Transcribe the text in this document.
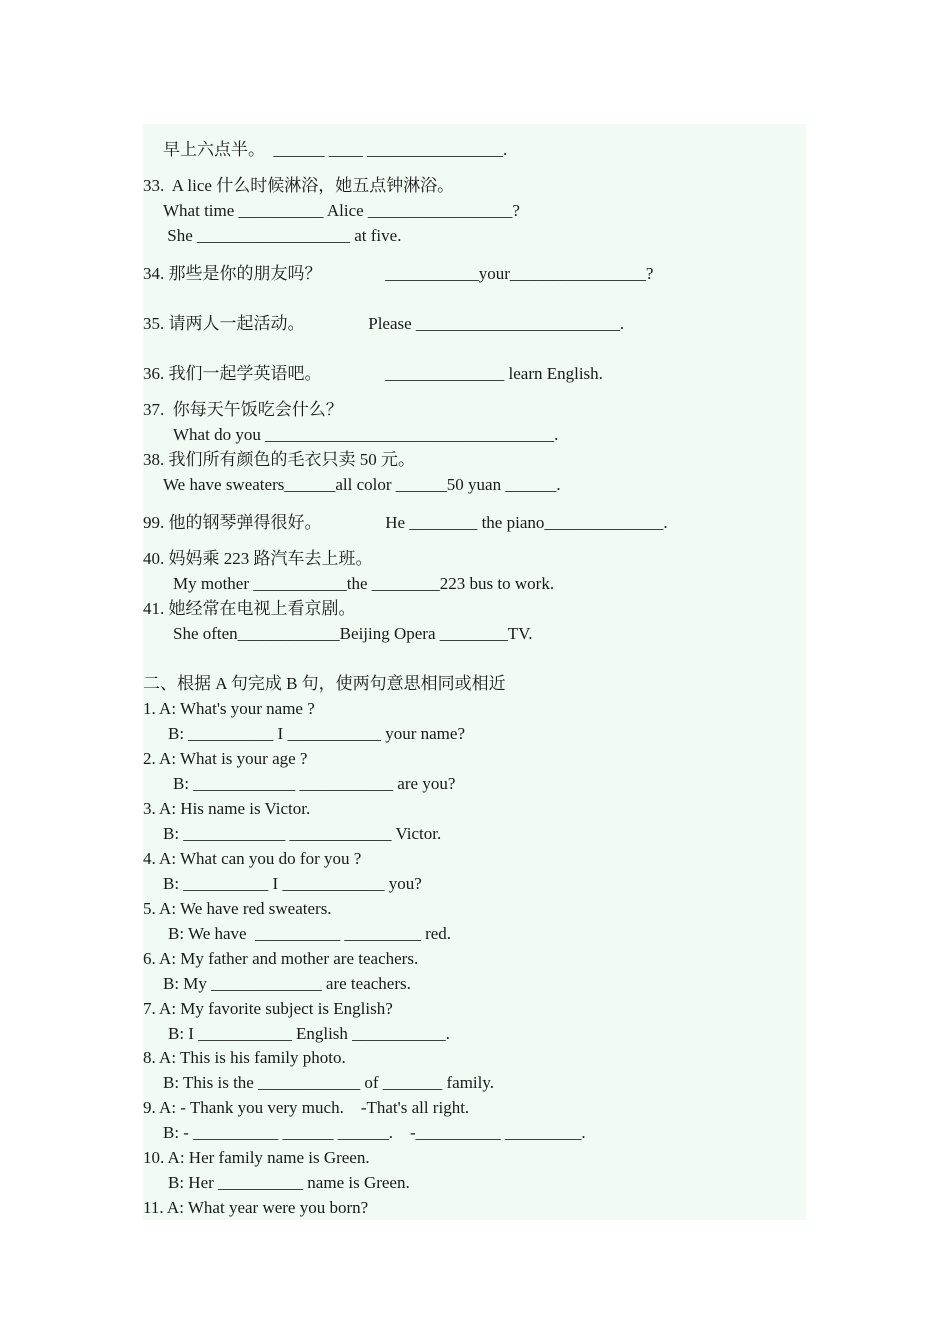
早上六点半。  ______ ____ ________________.
33.  A lice 什么时候淋浴，她五点钟淋浴。
What time __________ Alice _________________?
She __________________ at five.
34. 那些是你的朋友吗？               ___________your________________?
35. 请两人一起活动。               Please ________________________.
36. 我们一起学英语吧。               ______________ learn English.
37.  你每天午饭吃会什么？
What do you __________________________________.
38. 我们所有颜色的毛衣只卖 50 元。
We have sweaters______all color ______50 yuan ______.
99. 他的钢琴弹得很好。               He ________ the piano______________.
40. 妈妈乘 223 路汽车去上班。
My mother ___________the ________223 bus to work.
41. 她经常在电视上看京剧。
She often____________Beijing Opera ________TV.
二、根据 A 句完成 B 句，使两句意思相同或相近
1. A: What's your name ?
B: __________ I ___________ your name?
2. A: What is your age ?
B: ____________ ___________ are you?
3. A: His name is Victor.
B: ____________ ____________ Victor.
4. A: What can you do for you ?
B: __________ I ____________ you?
5. A: We have red sweaters.
B: We have  __________ _________ red.
6. A: My father and mother are teachers.
B: My _____________ are teachers.
7. A: My favorite subject is English?
B: I ___________ English ___________.
8. A: This is his family photo.
B: This is the ____________ of _______ family.
9. A: - Thank you very much.    -That's all right.
B: - __________ ______ ______.    -__________ _________.
10. A: Her family name is Green.
B: Her __________ name is Green.
11. A: What year were you born?
